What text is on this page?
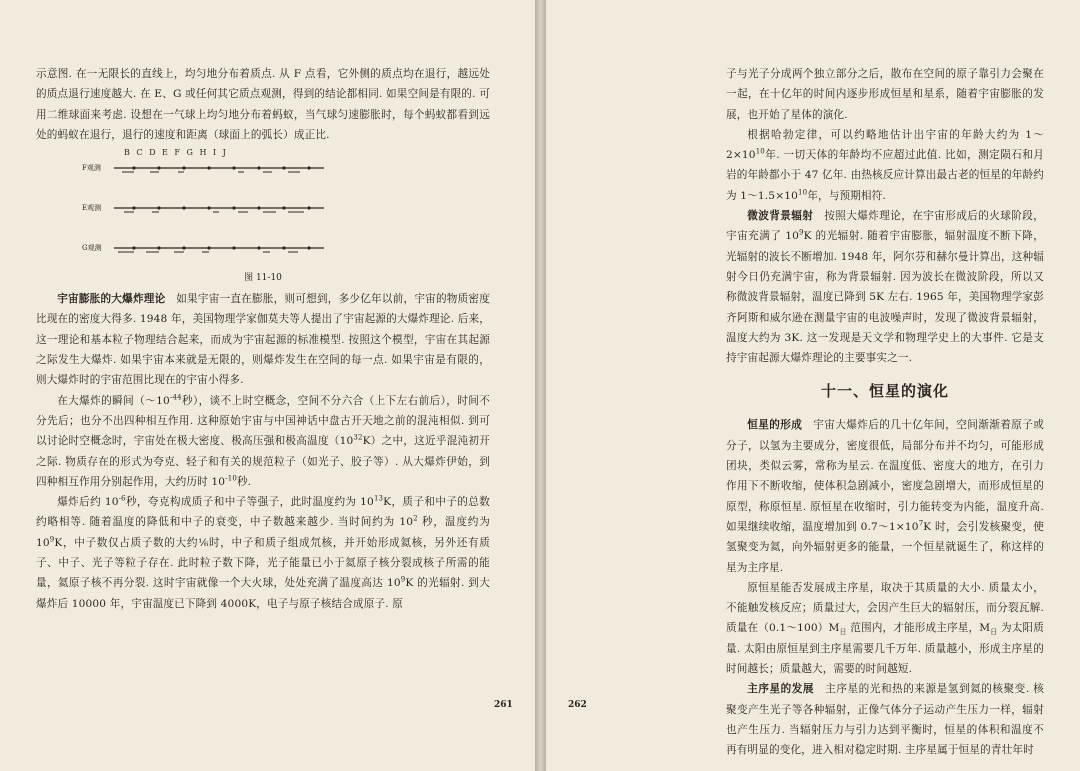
示意图. 在一无限长的直线上，均匀地分布着质点. 从 F 点看，它外侧的质点均在退行，越远处的质点退行速度越大. 在 E、G 或任何其它质点观测，得到的结论都相同. 如果空间是有限的. 可用二维球面来考虑. 设想在一气球上均匀地分布着蚂蚁，当气球匀速膨胀时，每个蚂蚁都看到远处的蚂蚁在退行，退行的速度和距离（球面上的弧长）成正比.

B C D E F G H I J
F观测
E观测
G观测
图 11-10

宇宙膨胀的大爆炸理论　 如果宇宙一直在膨胀，则可想到，多少亿年以前，宇宙的物质密度比现在的密度大得多. 1948 年，美国物理学家伽莫夫等人提出了宇宙起源的大爆炸理论. 后来，这一理论和基本粒子物理结合起来，而成为宇宙起源的标准模型. 按照这个模型，宇宙在其起源之际发生大爆炸. 如果宇宙本来就是无限的，则爆炸发生在空间的每一点. 如果宇宙是有限的，则大爆炸时的宇宙范围比现在的宇宙小得多.

在大爆炸的瞬间（$\sim 10^{-44}$秒），谈不上时空概念，空间不分六合（上下左右前后），时间不分先后；也分不出四种相互作用. 这种原始宇宙与中国神话中盘古开天地之前的混沌相似. 到可以讨论时空概念时，宇宙处在极大密度、极高压强和极高温度$(10^{32}K)$之中，这近乎混沌初开之际. 物质存在的形式为夸克、轻子和有关的规范粒子（如光子、胶子等）. 从大爆炸伊始，到四种相互作用分别起作用，大约历时 $10^{-10}$秒.

爆炸后约 $10^{-6}$秒，夸克构成质子和中子等强子，此时温度约为 $10^{13}K$，质子和中子的总数约略相等. 随着温度的降低和中子的衰变，中子数越来越少. 当时间约为 $10^2$ 秒，温度约为 $10^9K$，中子数仅占质子数的大约⅙时，中子和质子组成氘核，并开始形成氦核，另外还有质子、中子、光子等粒子存在. 此时粒子数下降，光子能量已小于氦原子核分裂成核子所需的能量，氦原子核不再分裂. 这时宇宙就像一个大火球，处处充满了温度高达 $10^9K$ 的光辐射. 到大爆炸后 10000 年，宇宙温度已下降到 4000K，电子与原子核结合成原子. 原

261

子与光子分成两个独立部分之后，散布在空间的原子靠引力会聚在一起，在十亿年的时间内逐步形成恒星和星系，随着宇宙膨胀的发展，也开始了星体的演化.

根据哈勃定律，可以约略地估计出宇宙的年龄大约为 $1\sim 2\times 10^{10}$年. 一切天体的年龄均不应超过此值. 比如，测定陨石和月岩的年龄都小于 47 亿年. 由热核反应计算出最古老的恒星的年龄约为 $1\sim 1.5\times 10^{10}$年，与预期相符.

微波背景辐射　 按照大爆炸理论，在宇宙形成后的火球阶段，宇宙充满了 $10^9K$ 的光辐射. 随着宇宙膨胀，辐射温度不断下降，光辐射的波长不断增加. 1948 年，阿尔芬和赫尔曼计算出，这种辐射今日仍充满宇宙，称为背景辐射. 因为波长在微波阶段，所以又称微波背景辐射，温度已降到 5K 左右. 1965 年，美国物理学家彭齐阿斯和威尔逊在测量宇宙的电波噪声时，发现了微波背景辐射，温度大约为 3K. 这一发现是天文学和物理学史上的大事件. 它是支持宇宙起源大爆炸理论的主要事实之一.

十一、恒星的演化

恒星的形成　 宇宙大爆炸后的几十亿年间，空间渐渐着原子或分子，以氢为主要成分，密度很低，局部分布并不均匀，可能形成团块，类似云雾，常称为星云. 在温度低、密度大的地方，在引力作用下不断收缩，使体积急剧减小，密度急剧增大，而形成恒星的原型，称原恒星. 原恒星在收缩时，引力能转变为内能，温度升高. 如果继续收缩，温度增加到 $0.7\sim 1\times 10^7K$ 时，会引发核聚变，使氢聚变为氦，向外辐射更多的能量，一个恒星就诞生了，称这样的星为主序星.

原恒星能否发展成主序星，取决于其质量的大小. 质量太小，不能触发核反应；质量过大，会因产生巨大的辐射压，而分裂瓦解. 质量在$(0.1\sim 100)M_日$ 范围内，才能形成主序星，$M_日$ 为太阳质量. 太阳由原恒星到主序星需要几千万年. 质量越小，形成主序星的时间越长；质量越大，需要的时间越短.

主序星的发展　 主序星的光和热的来源是氢到氦的核聚变. 核聚变产生光子等各种辐射，正像气体分子运动产生压力一样，辐射也产生压力. 当辐射压力与引力达到平衡时，恒星的体积和温度不再有明显的变化，进入相对稳定时期. 主序星属于恒星的青壮年时

262
